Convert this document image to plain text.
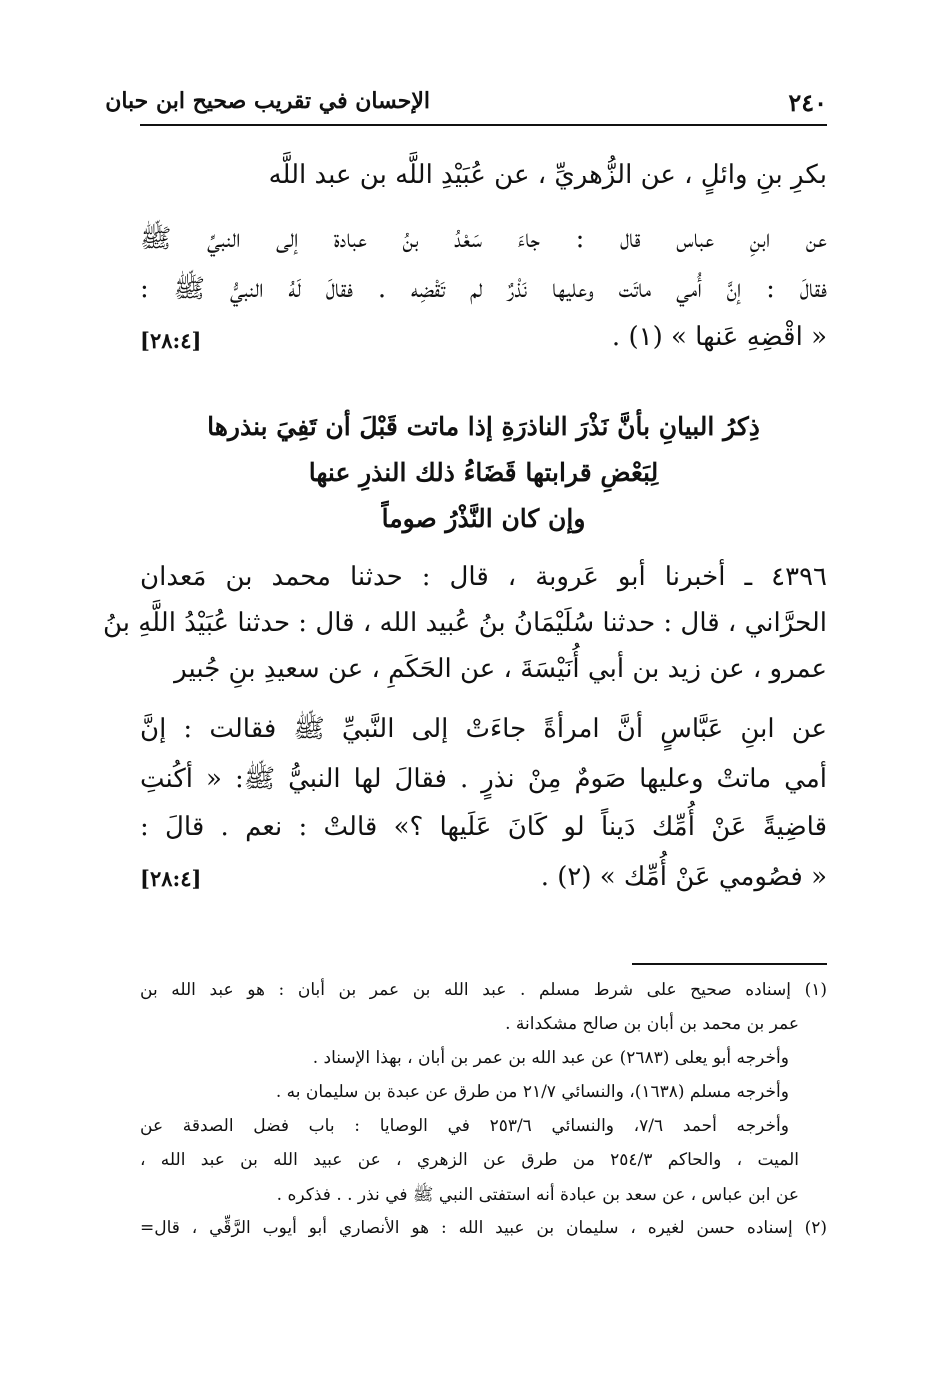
٢٤٠
الإحسان في تقريب صحيح ابن حبان
بكرِ بنِ وائلٍ ، عن الزُّهريِّ ، عن عُبَيْدِ اللَّه بن عبد اللَّه
عن ابنِ عباس قال : جاءَ سَعْدُ بنُ عبادة إلى النبيِّ ﷺ
فقالَ : إنَّ أُمي ماتَت وعليها نَذْرٌ لم تَقْضِه . فقالَ لَهُ النبيُّ ﷺ :
« اقْضِهِ عَنها » (١) .
[٢٨:٤]
ذِكرُ البيانِ بأنَّ نَذْرَ الناذرَةِ إذا ماتت قَبْلَ أن تَفِيَ بنذرها
لِبَعْضِ قرابتها قَضَاءُ ذلك النذرِ عنها
وإن كان النَّذْرُ صوماً
٤٣٩٦ ـ أخبرنا أبو عَروبة ، قال : حدثنا محمد بن مَعدان
الحرَّاني ، قال : حدثنا سُلَيْمَانُ بنُ عُبيد الله ، قال : حدثنا عُبَيْدُ اللَّهِ بنُ
عمرو ، عن زيد بن أبي أُنَيْسَةَ ، عن الحَكَمِ ، عن سعيدِ بنِ جُبير
عن ابنِ عَبَّاسٍ أنَّ امرأةً جاءَتْ إلى النَّبيِّ ﷺ فقالت : إنَّ
أمي ماتتْ وعليها صَومٌ مِنْ نذرٍ . فقالَ لها النبيُّ ﷺ: « أكُنتِ
قاضِيةً عَنْ أُمِّك دَيناً لو كَانَ عَلَيها ؟» قالتْ : نعم . قالَ :
« فصُومي عَنْ أُمِّك » (٢) .
[٢٨:٤]
(١) إسناده صحيح على شرط مسلم . عبد الله بن عمر بن أبان : هو عبد الله بن
عمر بن محمد بن أبان بن صالح مشكدانة .
وأخرجه أبو يعلى (٢٦٨٣) عن عبد الله بن عمر بن أبان ، بهذا الإسناد .
وأخرجه مسلم (١٦٣٨)، والنسائي ٢١/٧ من طرق عن عبدة بن سليمان به .
وأخرجه أحمد ٧/٦، والنسائي ٢٥٣/٦ في الوصايا : باب فضل الصدقة عن
الميت ، والحاكم ٢٥٤/٣ من طرق عن الزهري ، عن عبيد الله بن عبد الله ،
عن ابن عباس ، عن سعد بن عبادة أنه استفتى النبي ﷺ في نذر . . فذكره .
(٢) إسناده حسن لغيره ، سليمان بن عبيد الله : هو الأنصاري أبو أيوب الرَّقِّي ، قال=
